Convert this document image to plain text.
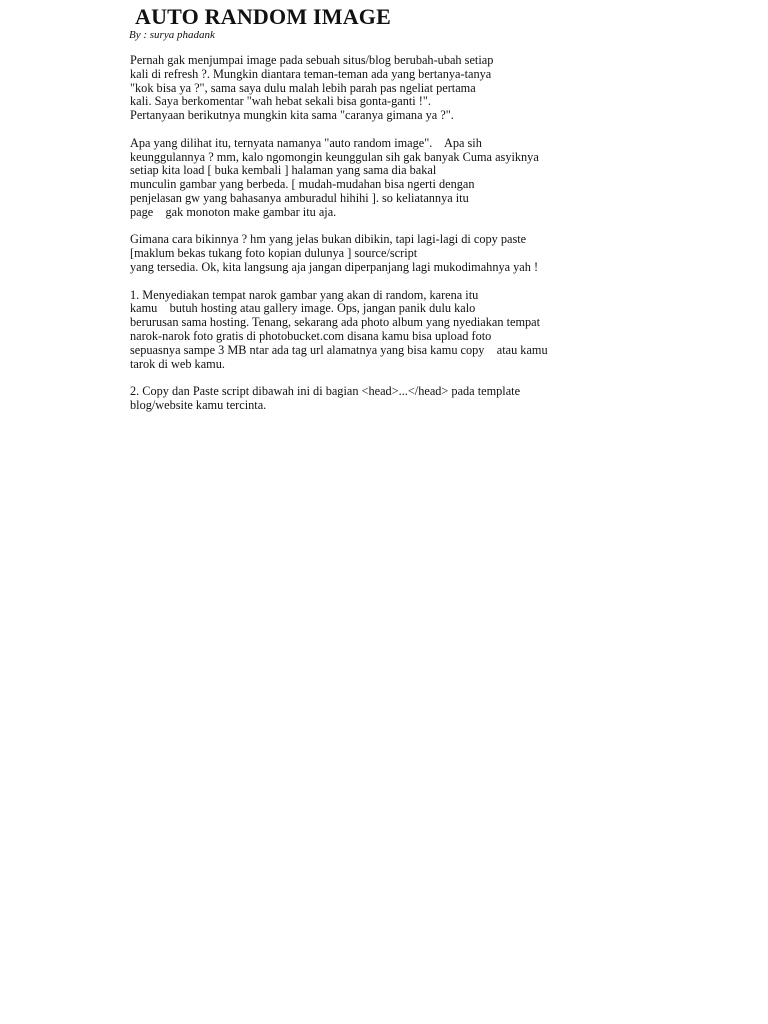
AUTO RANDOM IMAGE

By : surya phadank

Pernah gak menjumpai image pada sebuah situs/blog berubah-ubah setiap
kali di refresh ?. Mungkin diantara teman-teman ada yang bertanya-tanya
"kok bisa ya ?", sama saya dulu malah lebih parah pas ngeliat pertama
kali. Saya berkomentar "wah hebat sekali bisa gonta-ganti !".
Pertanyaan berikutnya mungkin kita sama "caranya gimana ya ?".

Apa yang dilihat itu, ternyata namanya "auto random image".    Apa sih
keunggulannya ? mm, kalo ngomongin keunggulan sih gak banyak Cuma asyiknya
setiap kita load [ buka kembali ] halaman yang sama dia bakal
munculin gambar yang berbeda. [ mudah-mudahan bisa ngerti dengan
penjelasan gw yang bahasanya amburadul hihihi ]. so keliatannya itu
page    gak monoton make gambar itu aja.

Gimana cara bikinnya ? hm yang jelas bukan dibikin, tapi lagi-lagi di copy paste
[maklum bekas tukang foto kopian dulunya ] source/script
yang tersedia. Ok, kita langsung aja jangan diperpanjang lagi mukodimahnya yah !

1. Menyediakan tempat narok gambar yang akan di random, karena itu
kamu    butuh hosting atau gallery image. Ops, jangan panik dulu kalo
berurusan sama hosting. Tenang, sekarang ada photo album yang nyediakan tempat
narok-narok foto gratis di photobucket.com disana kamu bisa upload foto
sepuasnya sampe 3 MB ntar ada tag url alamatnya yang bisa kamu copy    atau kamu
tarok di web kamu.

2. Copy dan Paste script dibawah ini di bagian <head>...</head> pada template
blog/website kamu tercinta.
